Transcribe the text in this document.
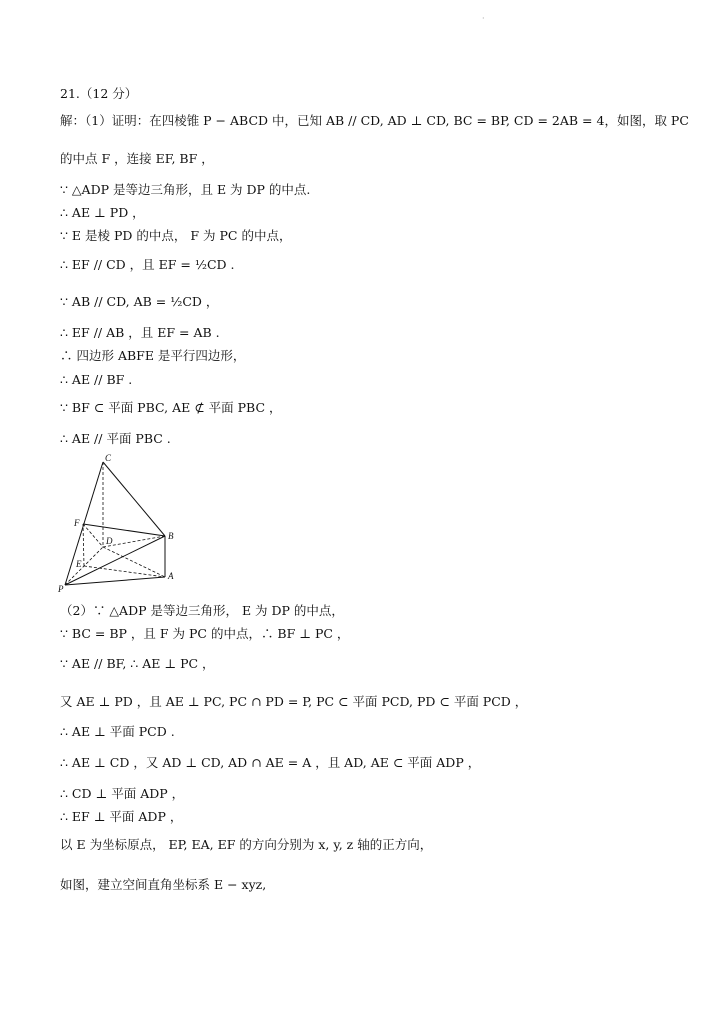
·
21.（12 分）
解：（1）证明：在四棱锥 P − ABCD 中，已知 AB // CD, AD ⊥ CD, BC = BP, CD = 2AB = 4，如图，取 PC
的中点 F ，连接 EF, BF ，
∵ △ADP 是等边三角形，且 E 为 DP 的中点.
∴ AE ⊥ PD ，
∵ E 是棱 PD 的中点， F 为 PC 的中点，
∴ EF // CD ，且 EF = ½CD .
∵ AB // CD, AB = ½CD ，
∴ EF // AB ，且 EF = AB .
∴ 四边形 ABFE 是平行四边形，
∴ AE // BF .
∵ BF ⊂ 平面 PBC, AE ⊄ 平面 PBC ，
∴ AE // 平面 PBC .
（2）∵ △ADP 是等边三角形， E 为 DP 的中点，
∵ BC = BP ，且 F 为 PC 的中点，∴ BF ⊥ PC ，
∵ AE // BF, ∴ AE ⊥ PC ，
又 AE ⊥ PD ，且 AE ⊥ PC, PC ∩ PD = P, PC ⊂ 平面 PCD, PD ⊂ 平面 PCD ，
∴ AE ⊥ 平面 PCD .
∴ AE ⊥ CD ，又 AD ⊥ CD, AD ∩ AE = A ，且 AD, AE ⊂ 平面 ADP ，
∴ CD ⊥ 平面 ADP ，
∴ EF ⊥ 平面 ADP ，
以 E 为坐标原点， EP, EA, EF 的方向分别为 x, y, z 轴的正方向，
如图，建立空间直角坐标系 E − xyz,
C
F
D	B
E
A
P
